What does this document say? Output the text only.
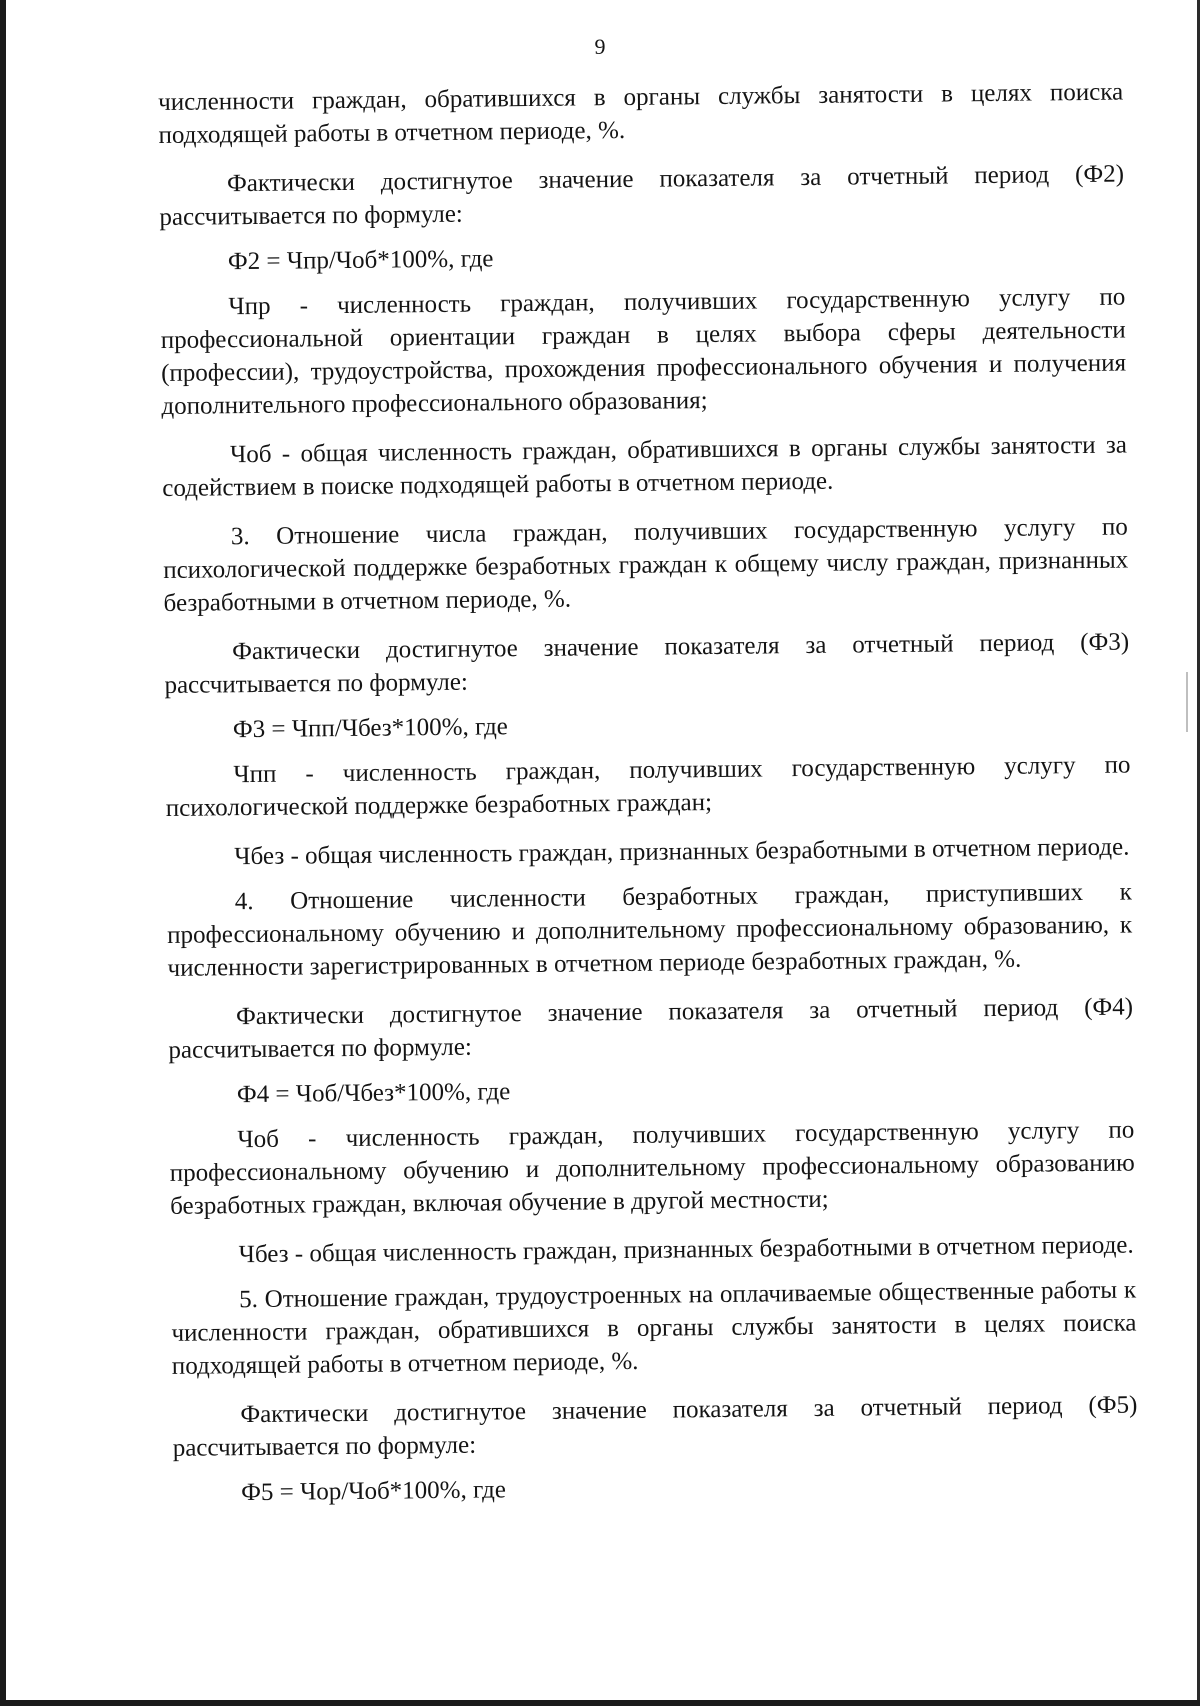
9

численности граждан, обратившихся в органы службы занятости в целях поиска подходящей работы в отчетном периоде, %.

Фактически достигнутое значение показателя за отчетный период (Ф2) рассчитывается по формуле:

Ф2 = Чпр/Чоб*100%, где

Чпр - численность граждан, получивших государственную услугу по профессиональной ориентации граждан в целях выбора сферы деятельности (профессии), трудоустройства, прохождения профессионального обучения и получения дополнительного профессионального образования;

Чоб - общая численность граждан, обратившихся в органы службы занятости за содействием в поиске подходящей работы в отчетном периоде.

3. Отношение числа граждан, получивших государственную услугу по психологической поддержке безработных граждан к общему числу граждан, признанных безработными в отчетном периоде, %.

Фактически достигнутое значение показателя за отчетный период (Ф3) рассчитывается по формуле:

Ф3 = Чпп/Чбез*100%, где

Чпп - численность граждан, получивших государственную услугу по психологической поддержке безработных граждан;

Чбез - общая численность граждан, признанных безработными в отчетном периоде.

4. Отношение численности безработных граждан, приступивших к профессиональному обучению и дополнительному профессиональному образованию, к численности зарегистрированных в отчетном периоде безработных граждан, %.

Фактически достигнутое значение показателя за отчетный период (Ф4) рассчитывается по формуле:

Ф4 = Чоб/Чбез*100%, где

Чоб - численность граждан, получивших государственную услугу по профессиональному обучению и дополнительному профессиональному образованию безработных граждан, включая обучение в другой местности;

Чбез - общая численность граждан, признанных безработными в отчетном периоде.

5. Отношение граждан, трудоустроенных на оплачиваемые общественные работы к численности граждан, обратившихся в органы службы занятости в целях поиска подходящей работы в отчетном периоде, %.

Фактически достигнутое значение показателя за отчетный период (Ф5) рассчитывается по формуле:

Ф5 = Чор/Чоб*100%, где
